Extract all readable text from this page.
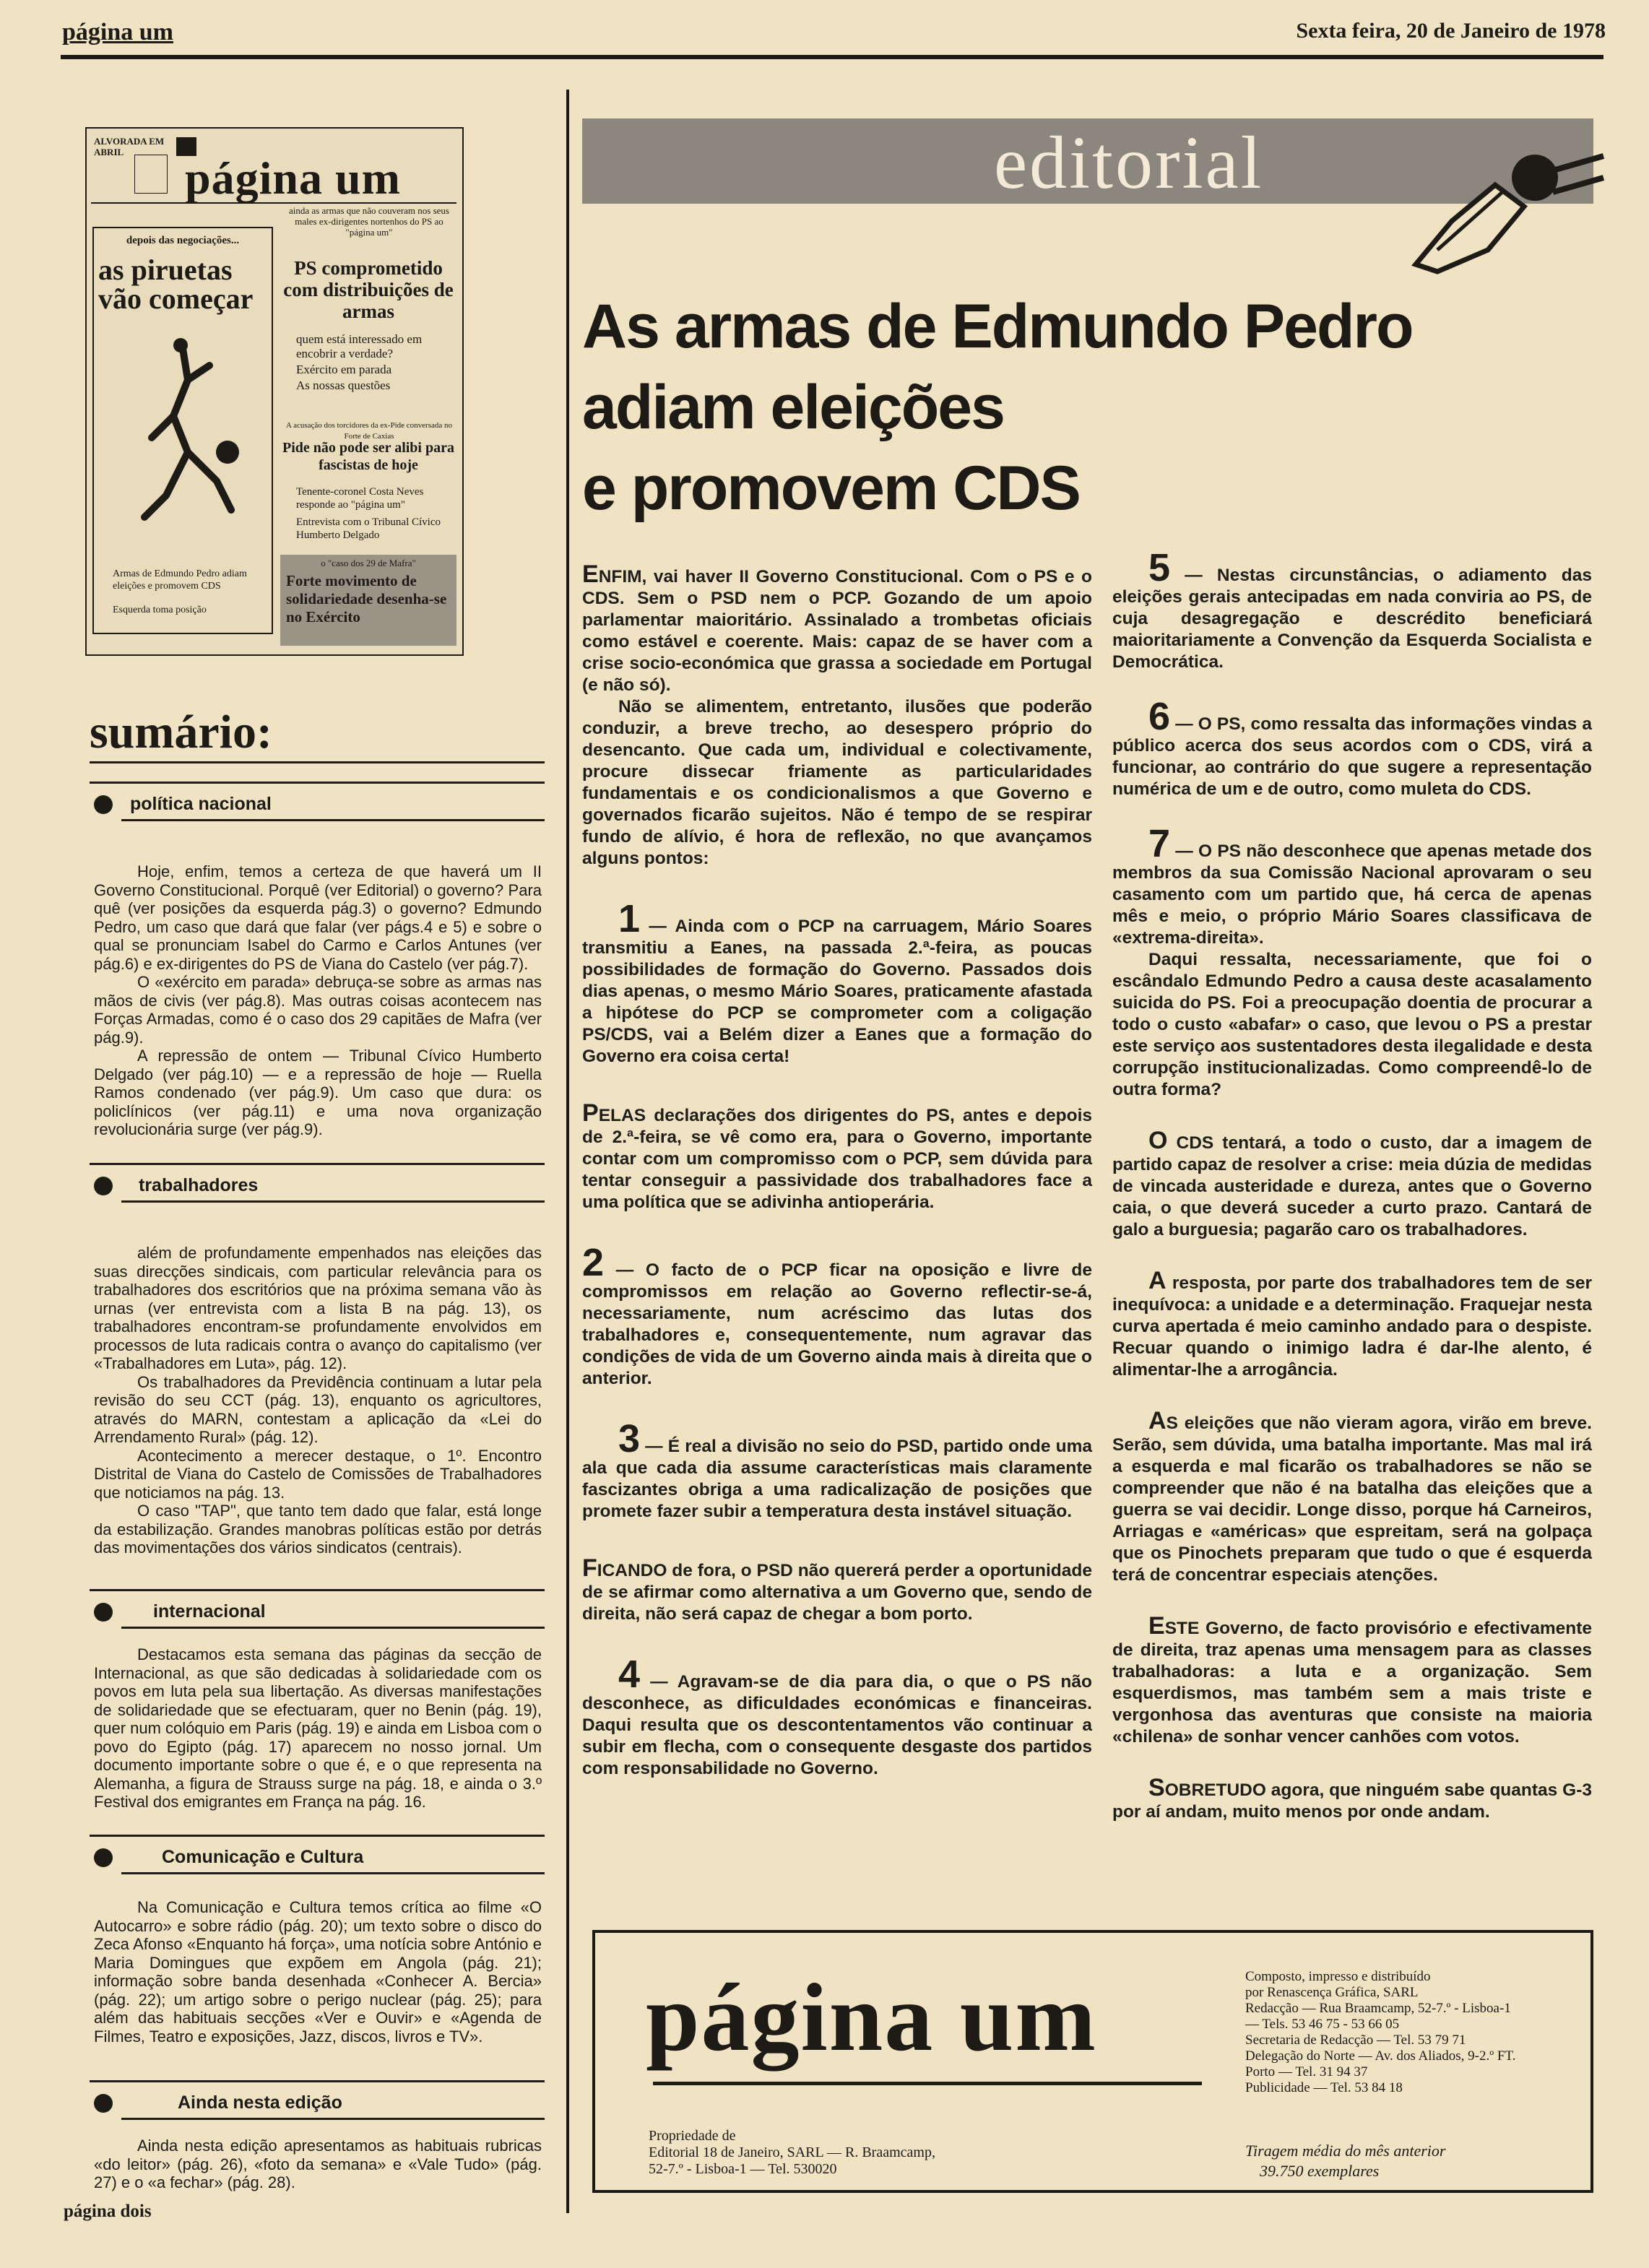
página um	Sexta feira, 20 de Janeiro de 1978
ALVORADA EM ABRIL
página um
depois das negociações...
as piruetas vão começar
Armas de Edmundo Pedro adiam eleições e promovem CDS
Esquerda toma posição
ainda as armas que não couveram nos seus males ex-dirigentes nortenhos do PS ao "página um"
PS comprometido com distribuições de armas
quem está interessado em encobrir a verdade?
Exército em parada
As nossas questões
A acusação dos torcidores da ex-Pide conversada no Forte de Caxias
Pide não pode ser alibi para fascistas de hoje
Tenente-coronel Costa Neves responde ao "página um"
Entrevista com o Tribunal Cívico Humberto Delgado
o "caso dos 29 de Mafra"
Forte movimento de solidariedade desenha-se no Exército
sumário:
política nacional

Hoje, enfim, temos a certeza de que haverá um II Governo Constitucional. Porquê (ver Editorial) o governo? Para quê (ver posições da esquerda pág.3) o governo? Edmundo Pedro, um caso que dará que falar (ver págs.4 e 5) e sobre o qual se pronunciam Isabel do Carmo e Carlos Antunes (ver pág.6) e ex-dirigentes do PS de Viana do Castelo (ver pág.7).

O «exército em parada» debruça-se sobre as armas nas mãos de civis (ver pág.8). Mas outras coisas acontecem nas Forças Armadas, como é o caso dos 29 capitães de Mafra (ver pág.9).

A repressão de ontem — Tribunal Cívico Humberto Delgado (ver pág.10) — e a repressão de hoje — Ruella Ramos condenado (ver pág.9). Um caso que dura: os policlínicos (ver pág.11) e uma nova organização revolucionária surge (ver pág.9).

trabalhadores

além de profundamente empenhados nas eleições das suas direcções sindicais, com particular relevância para os trabalhadores dos escritórios que na próxima semana vão às urnas (ver entrevista com a lista B na pág. 13), os trabalhadores encontram-se profundamente envolvidos em processos de luta radicais contra o avanço do capitalismo (ver «Trabalhadores em Luta», pág. 12).

Os trabalhadores da Previdência continuam a lutar pela revisão do seu CCT (pág. 13), enquanto os agricultores, através do MARN, contestam a aplicação da «Lei do Arrendamento Rural» (pág. 12).

Acontecimento a merecer destaque, o 1º. Encontro Distrital de Viana do Castelo de Comissões de Trabalhadores que noticiamos na pág. 13.

O caso "TAP", que tanto tem dado que falar, está longe da estabilização. Grandes manobras políticas estão por detrás das movimentações dos vários sindicatos (centrais).

internacional

Destacamos esta semana das páginas da secção de Internacional, as que são dedicadas à solidariedade com os povos em luta pela sua libertação. As diversas manifestações de solidariedade que se efectuaram, quer no Benin (pág. 19), quer num colóquio em Paris (pág. 19) e ainda em Lisboa com o povo do Egipto (pág. 17) aparecem no nosso jornal. Um documento importante sobre o que é, e o que representa na Alemanha, a figura de Strauss surge na pág. 18, e ainda o 3.º Festival dos emigrantes em França na pág. 16.

Comunicação e Cultura

Na Comunicação e Cultura temos crítica ao filme «O Autocarro» e sobre rádio (pág. 20); um texto sobre o disco do Zeca Afonso «Enquanto há força», uma notícia sobre António e Maria Domingues que expõem em Angola (pág. 21); informação sobre banda desenhada «Conhecer A. Bercia» (pág. 22); um artigo sobre o perigo nuclear (pág. 25); para além das habituais secções «Ver e Ouvir» e «Agenda de Filmes, Teatro e exposições, Jazz, discos, livros e TV».

Ainda nesta edição

Ainda nesta edição apresentamos as habituais rubricas «do leitor» (pág. 26), «foto da semana» e «Vale Tudo» (pág. 27) e o «a fechar» (pág. 28).

página dois
editorial
As armas de Edmundo Pedro
adiam eleições
e promovem CDS

ENFIM, vai haver II Governo Constitucional. Com o PS e o CDS. Sem o PSD nem o PCP. Gozando de um apoio parlamentar maioritário. Assinalado a trombetas oficiais como estável e coerente. Mais: capaz de se haver com a crise socio-económica que grassa a sociedade em Portugal (e não só).

Não se alimentem, entretanto, ilusões que poderão conduzir, a breve trecho, ao desespero próprio do desencanto. Que cada um, individual e colectivamente, procure dissecar friamente as particularidades fundamentais e os condicionalismos a que Governo e governados ficarão sujeitos. Não é tempo de se respirar fundo de alívio, é hora de reflexão, no que avançamos alguns pontos:

1 — Ainda com o PCP na carruagem, Mário Soares transmitiu a Eanes, na passada 2.ª-feira, as poucas possibilidades de formação do Governo. Passados dois dias apenas, o mesmo Mário Soares, praticamente afastada a hipótese do PCP se comprometer com a coligação PS/CDS, vai a Belém dizer a Eanes que a formação do Governo era coisa certa!

PELAS declarações dos dirigentes do PS, antes e depois de 2.ª-feira, se vê como era, para o Governo, importante contar com um compromisso com o PCP, sem dúvida para tentar conseguir a passividade dos trabalhadores face a uma política que se adivinha antioperária.

2 — O facto de o PCP ficar na oposição e livre de compromissos em relação ao Governo reflectir-se-á, necessariamente, num acréscimo das lutas dos trabalhadores e, consequentemente, num agravar das condições de vida de um Governo ainda mais à direita que o anterior.

3 — É real a divisão no seio do PSD, partido onde uma ala que cada dia assume características mais claramente fascizantes obriga a uma radicalização de posições que promete fazer subir a temperatura desta instável situação.

FICANDO de fora, o PSD não quererá perder a oportunidade de se afirmar como alternativa a um Governo que, sendo de direita, não será capaz de chegar a bom porto.

4 — Agravam-se de dia para dia, o que o PS não desconhece, as dificuldades económicas e financeiras. Daqui resulta que os descontentamentos vão continuar a subir em flecha, com o consequente desgaste dos partidos com responsabilidade no Governo.

5 — Nestas circunstâncias, o adiamento das eleições gerais antecipadas em nada conviria ao PS, de cuja desagregação e descrédito beneficiará maioritariamente a Convenção da Esquerda Socialista e Democrática.

6 — O PS, como ressalta das informações vindas a público acerca dos seus acordos com o CDS, virá a funcionar, ao contrário do que sugere a representação numérica de um e de outro, como muleta do CDS.

7 — O PS não desconhece que apenas metade dos membros da sua Comissão Nacional aprovaram o seu casamento com um partido que, há cerca de apenas mês e meio, o próprio Mário Soares classificava de «extrema-direita».

Daqui ressalta, necessariamente, que foi o escândalo Edmundo Pedro a causa deste acasalamento suicida do PS. Foi a preocupação doentia de procurar a todo o custo «abafar» o caso, que levou o PS a prestar este serviço aos sustentadores desta ilegalidade e desta corrupção institucionalizadas. Como compreendê-lo de outra forma?

O CDS tentará, a todo o custo, dar a imagem de partido capaz de resolver a crise: meia dúzia de medidas de vincada austeridade e dureza, antes que o Governo caia, o que deverá suceder a curto prazo. Cantará de galo a burguesia; pagarão caro os trabalhadores.

A resposta, por parte dos trabalhadores tem de ser inequívoca: a unidade e a determinação. Fraquejar nesta curva apertada é meio caminho andado para o despiste. Recuar quando o inimigo ladra é dar-lhe alento, é alimentar-lhe a arrogância.

AS eleições que não vieram agora, virão em breve. Serão, sem dúvida, uma batalha importante. Mas mal irá a esquerda e mal ficarão os trabalhadores se não se compreender que não é na batalha das eleições que a guerra se vai decidir. Longe disso, porque há Carneiros, Arriagas e «américas» que espreitam, será na golpaça que os Pinochets preparam que tudo o que é esquerda terá de concentrar especiais atenções.

ESTE Governo, de facto provisório e efectivamente de direita, traz apenas uma mensagem para as classes trabalhadoras: a luta e a organização. Sem esquerdismos, mas também sem a mais triste e vergonhosa das aventuras que consiste na maioria «chilena» de sonhar vencer canhões com votos.

SOBRETUDO agora, que ninguém sabe quantas G-3 por aí andam, muito menos por onde andam.

página um	Composto, impresso e distribuído
por Renascença Gráfica, SARL
Redacção — Rua Braamcamp, 52-7.º - Lisboa-1
— Tels. 53 46 75 - 53 66 05
Secretaria de Redacção — Tel. 53 79 71
Delegação do Norte — Av. dos Aliados, 9-2.º FT.
Porto — Tel. 31 94 37
Publicidade — Tel. 53 84 18
Propriedade de
Editorial 18 de Janeiro, SARL — R. Braamcamp,
52-7.º - Lisboa-1 — Tel. 530020
Tiragem média do mês anterior
39.750 exemplares
